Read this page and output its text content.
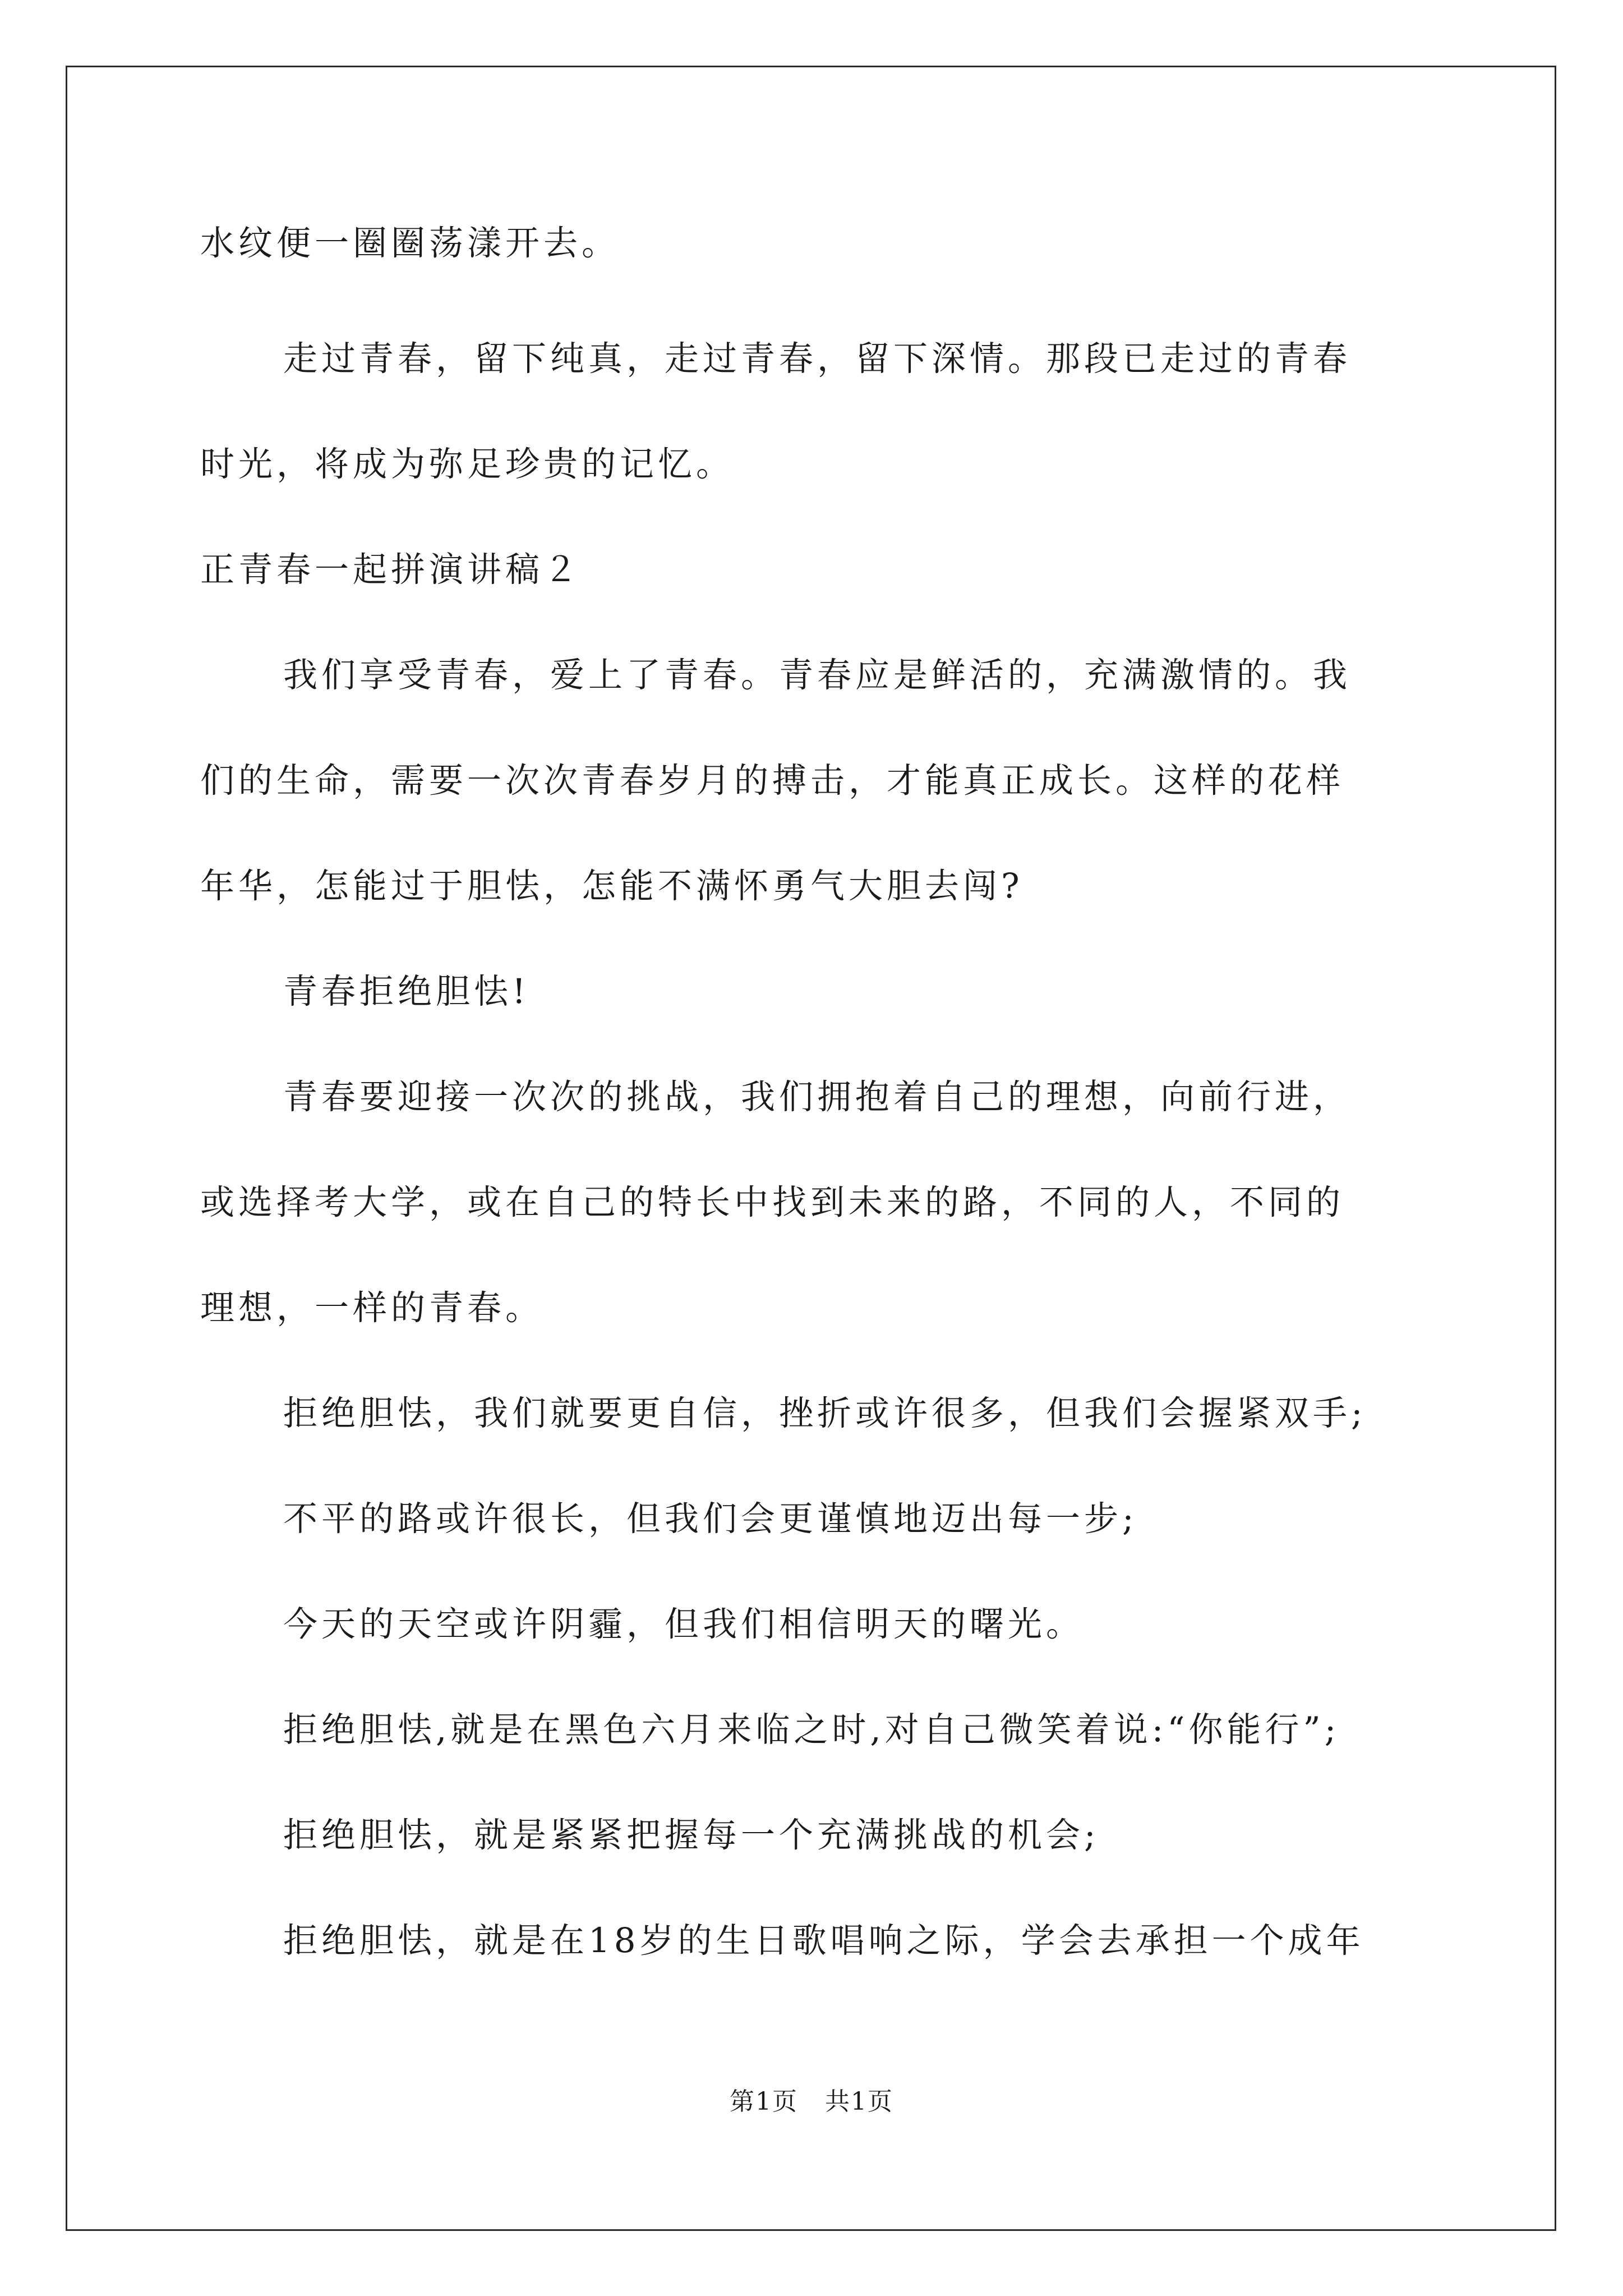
水纹便一圈圈荡漾开去。

走过青春，留下纯真，走过青春，留下深情。那段已走过的青春

时光，将成为弥足珍贵的记忆。

正青春一起拼演讲稿２

我们享受青春，爱上了青春。青春应是鲜活的，充满激情的。我

们的生命，需要一次次青春岁月的搏击，才能真正成长。这样的花样

年华，怎能过于胆怯，怎能不满怀勇气大胆去闯?

青春拒绝胆怯!

青春要迎接一次次的挑战，我们拥抱着自己的理想，向前行进，

或选择考大学，或在自己的特长中找到未来的路，不同的人，不同的

理想，一样的青春。

拒绝胆怯，我们就要更自信，挫折或许很多，但我们会握紧双手;

不平的路或许很长，但我们会更谨慎地迈出每一步;

今天的天空或许阴霾，但我们相信明天的曙光。

拒绝胆怯,就是在黑色六月来临之时,对自己微笑着说:“你能行”;

拒绝胆怯，就是紧紧把握每一个充满挑战的机会;

拒绝胆怯，就是在18岁的生日歌唱响之际，学会去承担一个成年

第1页 共1页
